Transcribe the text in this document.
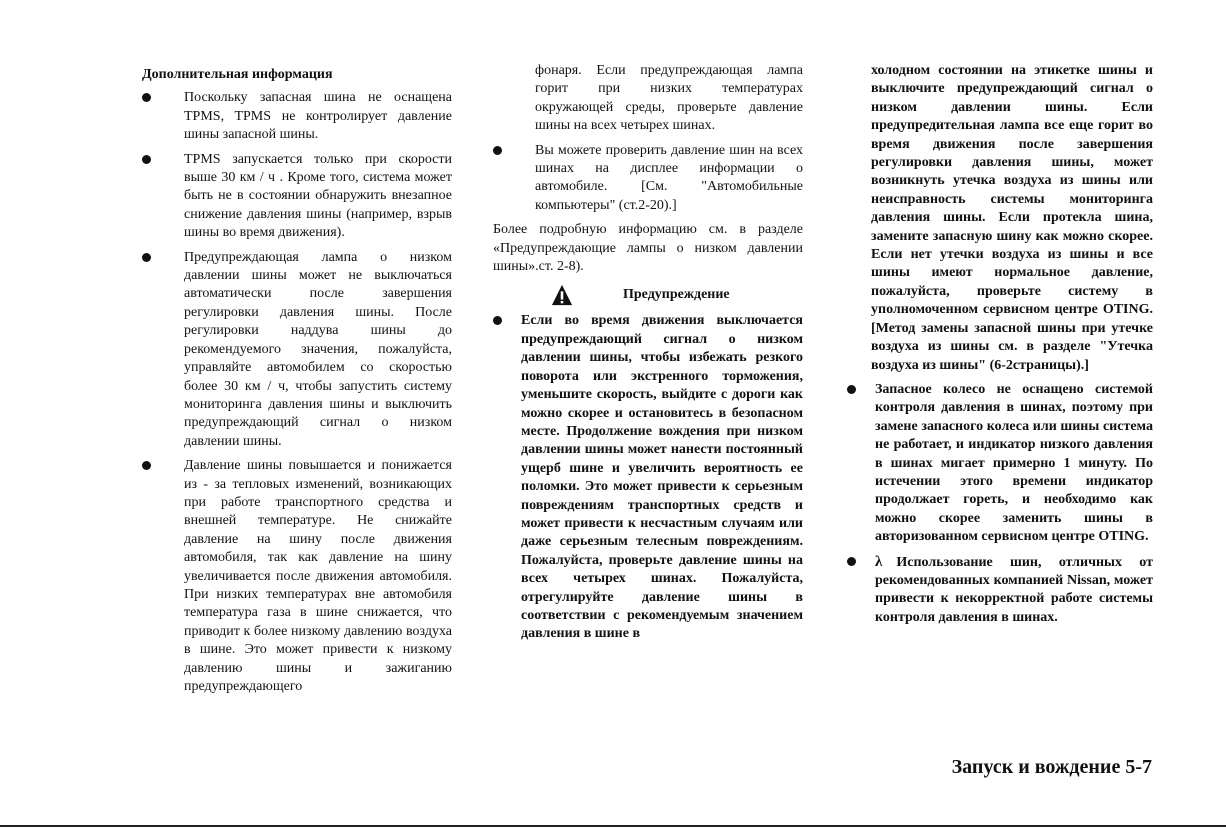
Дополнительная информация

Поскольку запасная шина не оснащена TPMS, TPMS не контролирует давление шины запасной шины.
TPMS запускается только при скорости выше 30 км / ч . Кроме того, система может быть не в состоянии обнаружить внезапное снижение давления шины (например, взрыв шины во время движения).
Предупреждающая лампа о низком давлении шины может не выключаться автоматически после завершения регулировки давления шины. После регулировки наддува шины до рекомендуемого значения, пожалуйста, управляйте автомобилем со скоростью более 30 км / ч, чтобы запустить систему мониторинга давления шины и выключить предупреждающий сигнал о низком давлении шины.
Давление шины повышается и понижается из - за тепловых изменений, возникающих при работе транспортного средства и внешней температуре. Не снижайте давление на шину после движения автомобиля, так как давление на шину увеличивается после движения автомобиля. При низких температурах вне автомобиля температура газа в шине снижается, что приводит к более низкому давлению воздуха в шине. Это может привести к низкому давлению шины и зажиганию предупреждающего

фонаря. Если предупреждающая лампа горит при низких температурах окружающей среды, проверьте давление шины на всех четырех шинах.

Вы можете проверить давление шин на всех шинах на дисплее информации о автомобиле. [См. "Автомобильные компьютеры" (ст.2-20).]

Более подробную информацию см. в разделе «Предупреждающие лампы о низком давлении шины».ст. 2-8).

Предупреждение
Если во время движения выключается предупреждающий сигнал о низком давлении шины, чтобы избежать резкого поворота или экстренного торможения, уменьшите скорость, выйдите с дороги как можно скорее и остановитесь в безопасном месте. Продолжение вождения при низком давлении шины может нанести постоянный ущерб шине и увеличить вероятность ее поломки. Это может привести к серьезным повреждениям транспортных средств и может привести к несчастным случаям или даже серьезным телесным повреждениям. Пожалуйста, проверьте давление шины на всех четырех шинах. Пожалуйста, отрегулируйте давление шины в соответствии с рекомендуемым значением давления в шине в

холодном состоянии на этикетке шины и выключите предупреждающий сигнал о низком давлении шины. Если предупредительная лампа все еще горит во время движения после завершения регулировки давления шины, может возникнуть утечка воздуха из шины или неисправность системы мониторинга давления шины. Если протекла шина, замените запасную шину как можно скорее. Если нет утечки воздуха из шины и все шины имеют нормальное давление, пожалуйста, проверьте систему в уполномоченном сервисном центре OTING. [Метод замены запасной шины при утечке воздуха из шины см. в разделе "Утечка воздуха из шины" (6-2страницы).]

Запасное колесо не оснащено системой контроля давления в шинах, поэтому при замене запасного колеса или шины система не работает, и индикатор низкого давления в шинах мигает примерно 1 минуту. По истечении этого времени индикатор продолжает гореть, и необходимо как можно скорее заменить шины в авторизованном сервисном центре OTING.
λ Использование шин, отличных от рекомендованных компанией Nissan, может привести к некорректной работе системы контроля давления в шинах.
Запуск и вождение 5-7
